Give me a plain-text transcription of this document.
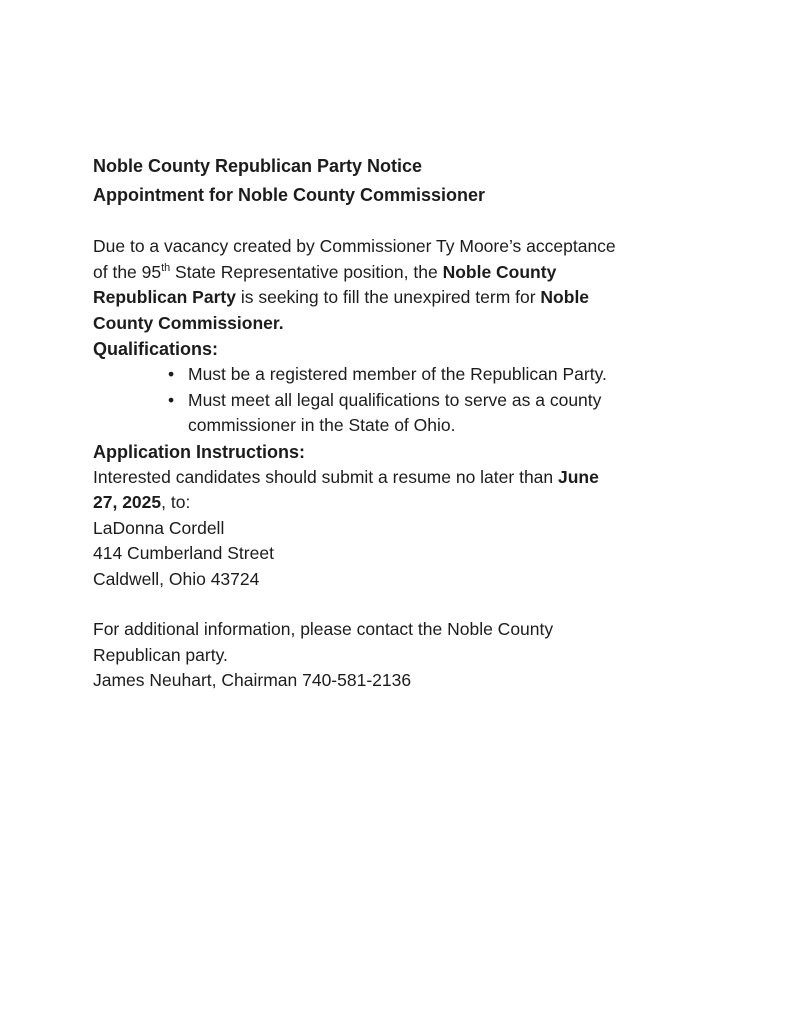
Noble County Republican Party Notice
Appointment for Noble County Commissioner
Due to a vacancy created by Commissioner Ty Moore’s acceptance
of the 95th State Representative position, the Noble County
Republican Party is seeking to fill the unexpired term for Noble
County Commissioner.
Qualifications:
• Must be a registered member of the Republican Party.
• Must meet all legal qualifications to serve as a county
commissioner in the State of Ohio.
Application Instructions:
Interested candidates should submit a resume no later than June
27, 2025, to:
LaDonna Cordell
414 Cumberland Street
Caldwell, Ohio 43724
For additional information, please contact the Noble County
Republican party.
James Neuhart, Chairman 740-581-2136
